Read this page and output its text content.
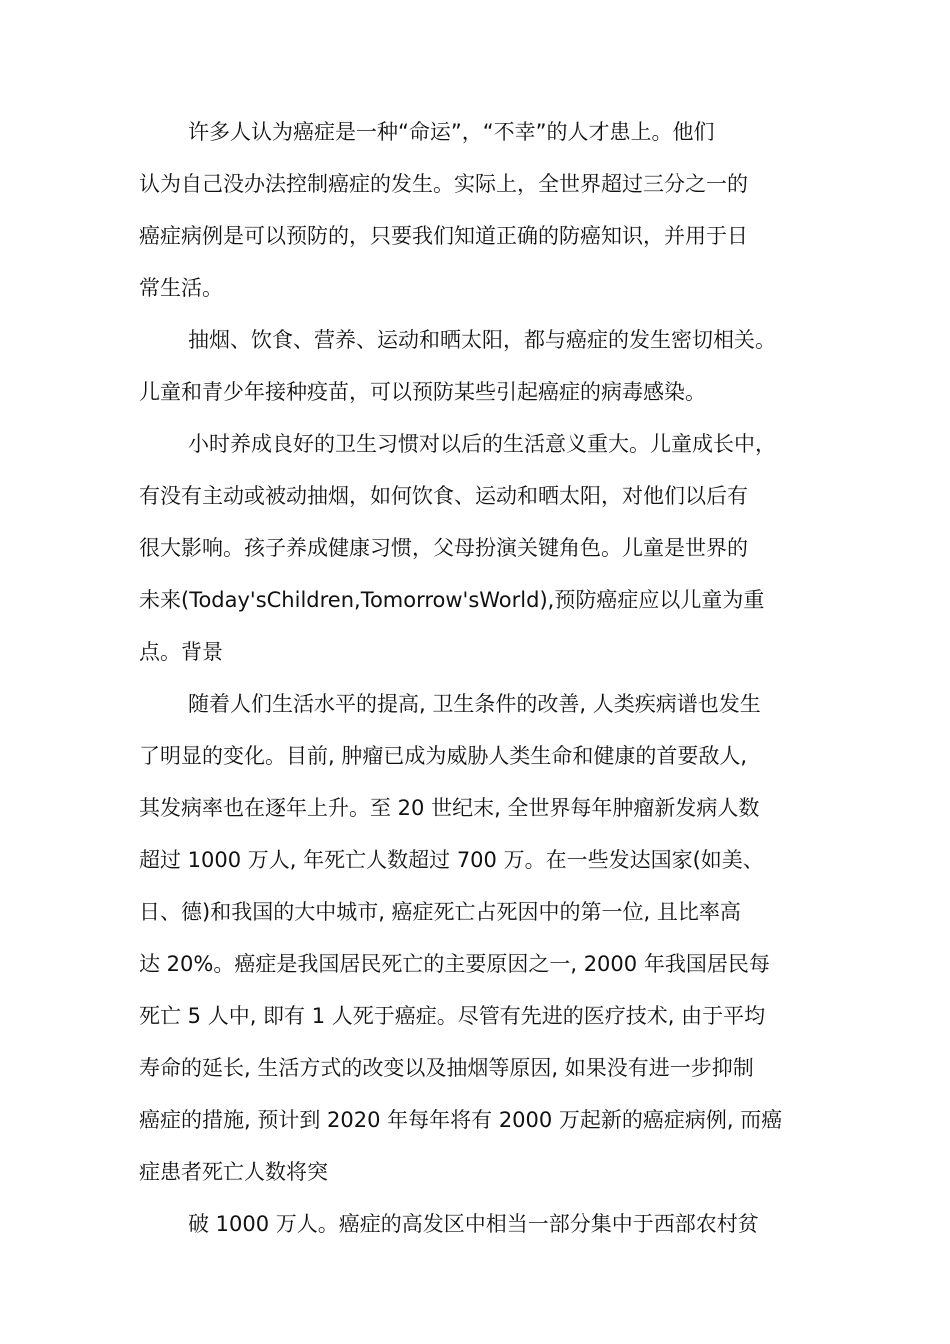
许多人认为癌症是一种“命运”，“不幸”的人才患上。他们
认为自己没办法控制癌症的发生。实际上，全世界超过三分之一的
癌症病例是可以预防的，只要我们知道正确的防癌知识，并用于日
常生活。
抽烟、饮食、营养、运动和晒太阳，都与癌症的发生密切相关。
儿童和青少年接种疫苗，可以预防某些引起癌症的病毒感染。
小时养成良好的卫生习惯对以后的生活意义重大。儿童成长中，
有没有主动或被动抽烟，如何饮食、运动和晒太阳，对他们以后有
很大影响。孩子养成健康习惯，父母扮演关键角色。儿童是世界的
未来(Today'sChildren,Tomorrow'sWorld),预防癌症应以儿童为重
点。背景
随着人们生活水平的提高, 卫生条件的改善, 人类疾病谱也发生
了明显的变化。目前, 肿瘤已成为威胁人类生命和健康的首要敌人,
其发病率也在逐年上升。至 20 世纪末, 全世界每年肿瘤新发病人数
超过 1000 万人, 年死亡人数超过 700 万。在一些发达国家(如美、
日、德)和我国的大中城市, 癌症死亡占死因中的第一位, 且比率高
达 20%。癌症是我国居民死亡的主要原因之一, 2000 年我国居民每
死亡 5 人中, 即有 1 人死于癌症。尽管有先进的医疗技术, 由于平均
寿命的延长, 生活方式的改变以及抽烟等原因, 如果没有进一步抑制
癌症的措施, 预计到 2020 年每年将有 2000 万起新的癌症病例, 而癌
症患者死亡人数将突
破 1000 万人。癌症的高发区中相当一部分集中于西部农村贫
